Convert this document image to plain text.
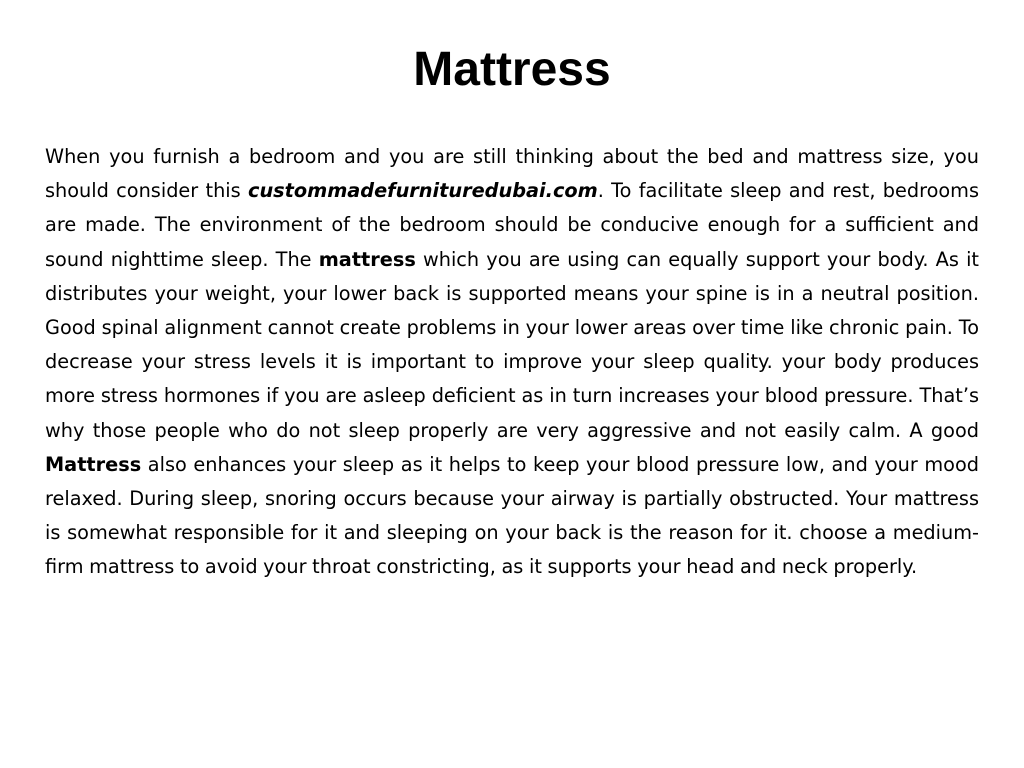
Mattress

When you furnish a bedroom and you are still thinking about the bed and mattress size, you should consider this custommadefurnituredubai.com. To facilitate sleep and rest, bedrooms are made. The environment of the bedroom should be conducive enough for a sufficient and sound nighttime sleep. The mattress which you are using can equally support your body. As it distributes your weight, your lower back is supported means your spine is in a neutral position. Good spinal alignment cannot create problems in your lower areas over time like chronic pain. To decrease your stress levels it is important to improve your sleep quality. your body produces more stress hormones if you are asleep deficient as in turn increases your blood pressure. That’s why those people who do not sleep properly are very aggressive and not easily calm. A good Mattress also enhances your sleep as it helps to keep your blood pressure low, and your mood relaxed. During sleep, snoring occurs because your airway is partially obstructed. Your mattress is somewhat responsible for it and sleeping on your back is the reason for it. choose a medium-firm mattress to avoid your throat constricting, as it supports your head and neck properly.
